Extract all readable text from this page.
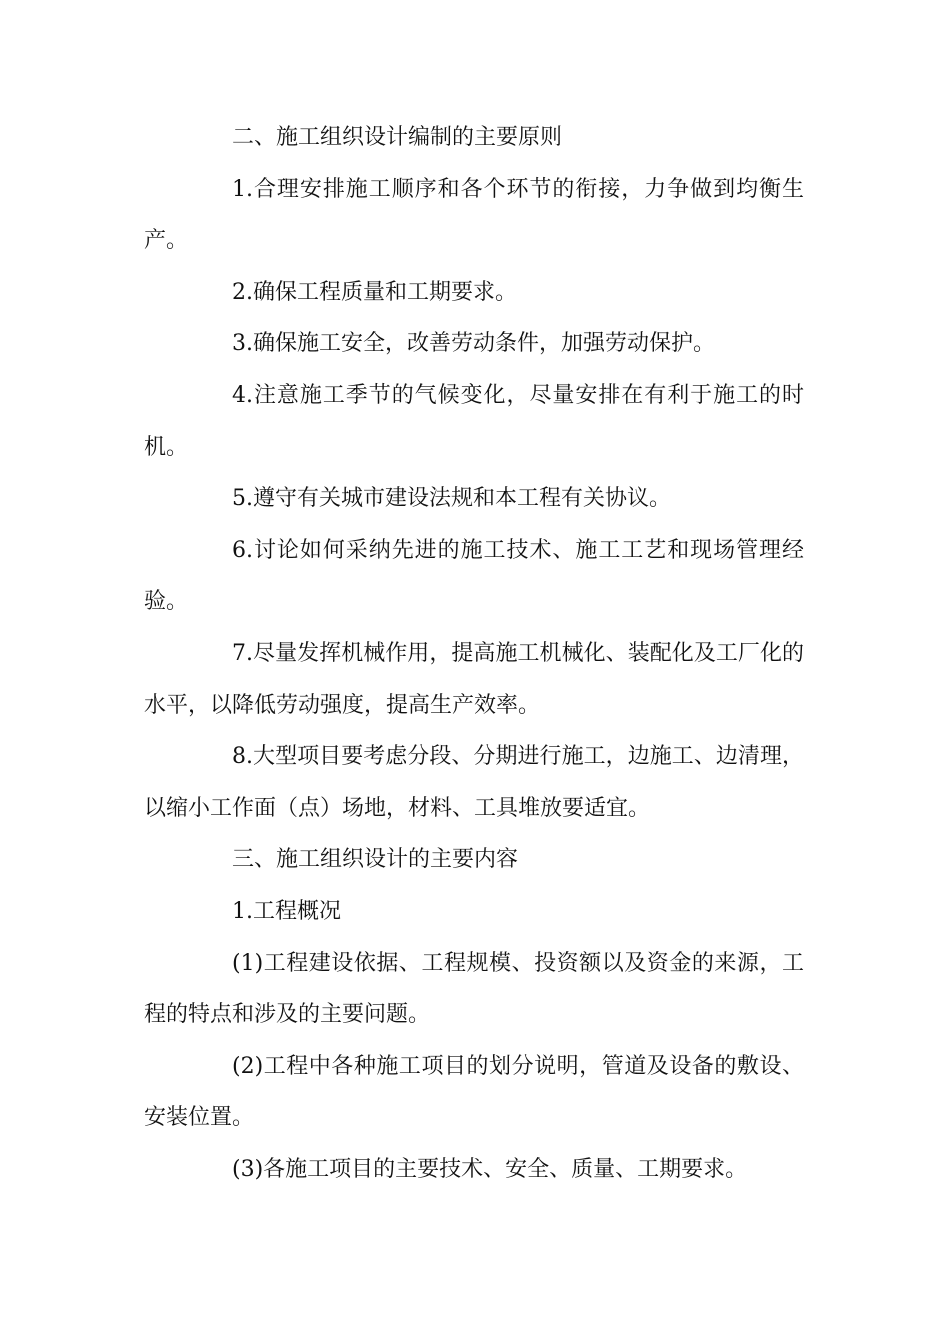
二、施工组织设计编制的主要原则

1.合理安排施工顺序和各个环节的衔接，力争做到均衡生产。

2.确保工程质量和工期要求。

3.确保施工安全，改善劳动条件，加强劳动保护。

4.注意施工季节的气候变化，尽量安排在有利于施工的时机。

5.遵守有关城市建设法规和本工程有关协议。

6.讨论如何采纳先进的施工技术、施工工艺和现场管理经验。

7.尽量发挥机械作用，提高施工机械化、装配化及工厂化的水平，以降低劳动强度，提高生产效率。

8.大型项目要考虑分段、分期进行施工，边施工、边清理，以缩小工作面（点）场地，材料、工具堆放要适宜。

三、施工组织设计的主要内容

1.工程概况

(1)工程建设依据、工程规模、投资额以及资金的来源，工程的特点和涉及的主要问题。

(2)工程中各种施工项目的划分说明，管道及设备的敷设、安装位置。

(3)各施工项目的主要技术、安全、质量、工期要求。
